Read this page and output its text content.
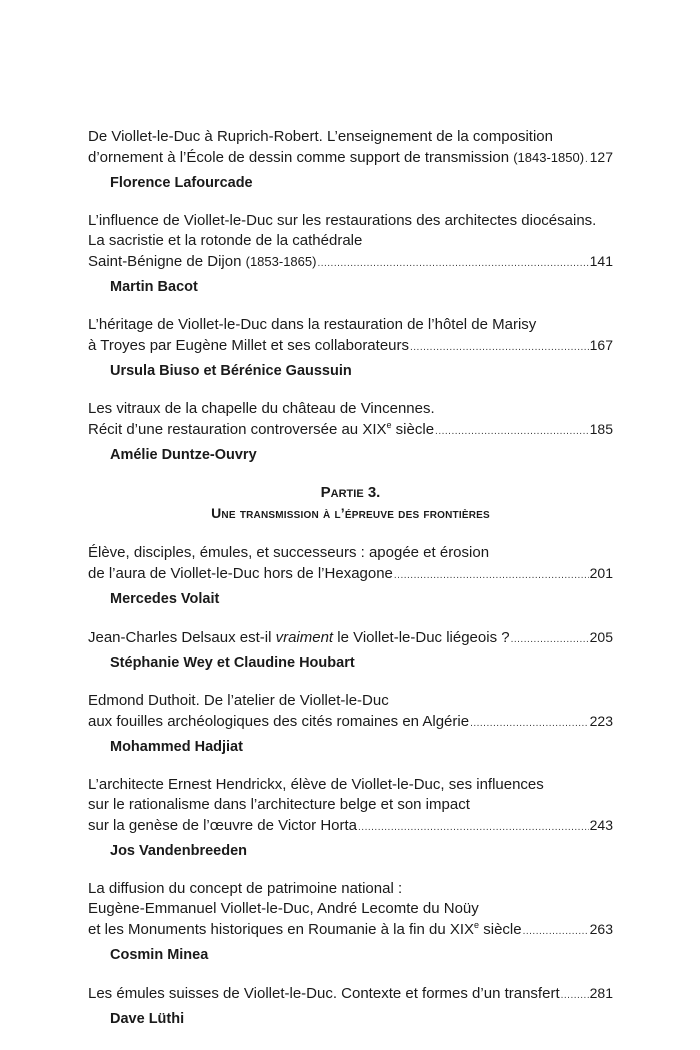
De Viollet-le-Duc à Ruprich-Robert. L’enseignement de la composition
d’ornement à l’École de dessin comme support de transmission (1843-1850) ..... 127
Florence Lafourcade
L’influence de Viollet-le-Duc sur les restaurations des architectes diocésains.
La sacristie et la rotonde de la cathédrale
Saint-Bénigne de Dijon (1853-1865) .....	141
Martin Bacot
L’héritage de Viollet-le-Duc dans la restauration de l’hôtel de Marisy
à Troyes par Eugène Millet et ses collaborateurs .....	167
Ursula Biuso et Bérénice Gaussuin
Les vitraux de la chapelle du château de Vincennes.
Récit d’une restauration controversée au XIXe siècle .....	185
Amélie Duntze-Ouvry
Partie 3.
Une transmission à l’épreuve des frontières
Élève, disciples, émules, et successeurs : apogée et érosion
de l’aura de Viollet-le-Duc hors de l’Hexagone .....	201
Mercedes Volait
Jean-Charles Delsaux est-il vraiment le Viollet-le-Duc liégeois ? .....	205
Stéphanie Wey et Claudine Houbart
Edmond Duthoit. De l’atelier de Viollet-le-Duc
aux fouilles archéologiques des cités romaines en Algérie .....	223
Mohammed Hadjiat
L’architecte Ernest Hendrickx, élève de Viollet-le-Duc, ses influences
sur le rationalisme dans l’architecture belge et son impact
sur la genèse de l’œuvre de Victor Horta .....	243
Jos Vandenbreeden
La diffusion du concept de patrimoine national :
Eugène-Emmanuel Viollet-le-Duc, André Lecomte du Noüy
et les Monuments historiques en Roumanie à la fin du XIXe siècle .....	263
Cosmin Minea
Les émules suisses de Viollet-le-Duc. Contexte et formes d’un transfert ..... 281
Dave Lüthi
